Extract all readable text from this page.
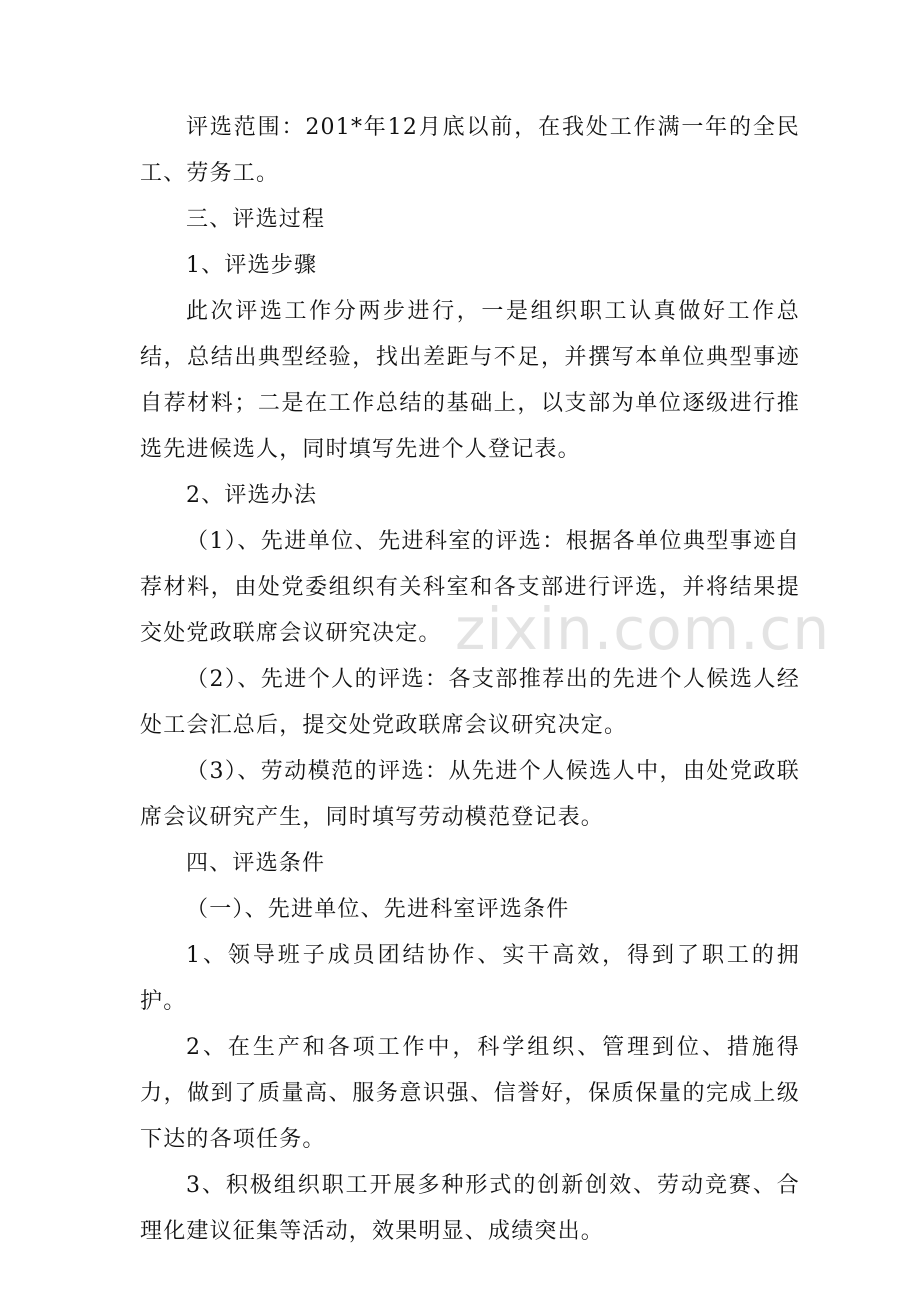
评选范围：201*年12月底以前，在我处工作满一年的全民工、劳务工。

三、评选过程

1、评选步骤

此次评选工作分两步进行，一是组织职工认真做好工作总结，总结出典型经验，找出差距与不足，并撰写本单位典型事迹自荐材料；二是在工作总结的基础上，以支部为单位逐级进行推选先进候选人，同时填写先进个人登记表。

2、评选办法

（1）、先进单位、先进科室的评选：根据各单位典型事迹自荐材料，由处党委组织有关科室和各支部进行评选，并将结果提交处党政联席会议研究决定。

（2）、先进个人的评选：各支部推荐出的先进个人候选人经处工会汇总后，提交处党政联席会议研究决定。

（3）、劳动模范的评选：从先进个人候选人中，由处党政联席会议研究产生，同时填写劳动模范登记表。

四、评选条件

（一）、先进单位、先进科室评选条件

1、领导班子成员团结协作、实干高效，得到了职工的拥护。

2、在生产和各项工作中，科学组织、管理到位、措施得力，做到了质量高、服务意识强、信誉好，保质保量的完成上级下达的各项任务。

3、积极组织职工开展多种形式的创新创效、劳动竞赛、合理化建议征集等活动，效果明显、成绩突出。

zixin.com.cn
